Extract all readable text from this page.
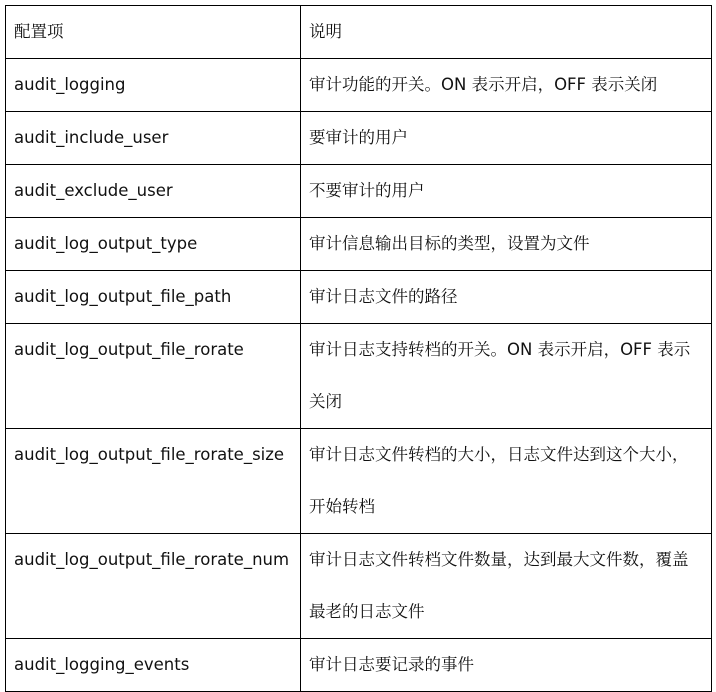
配置项	说明
audit_logging	审计功能的开关。ON 表示开启，OFF 表示关闭

audit_include_user	要审计的用户

audit_exclude_user	不要审计的用户

audit_log_output_type	审计信息输出目标的类型，设置为文件

audit_log_output_file_path	审计日志文件的路径

audit_log_output_file_rorate	审计日志支持转档的开关。ON 表示开启，OFF 表示
关闭

audit_log_output_file_rorate_size	审计日志文件转档的大小，日志文件达到这个大小，
开始转档

audit_log_output_file_rorate_num	审计日志文件转档文件数量，达到最大文件数，覆盖
最老的日志文件

audit_logging_events	审计日志要记录的事件
